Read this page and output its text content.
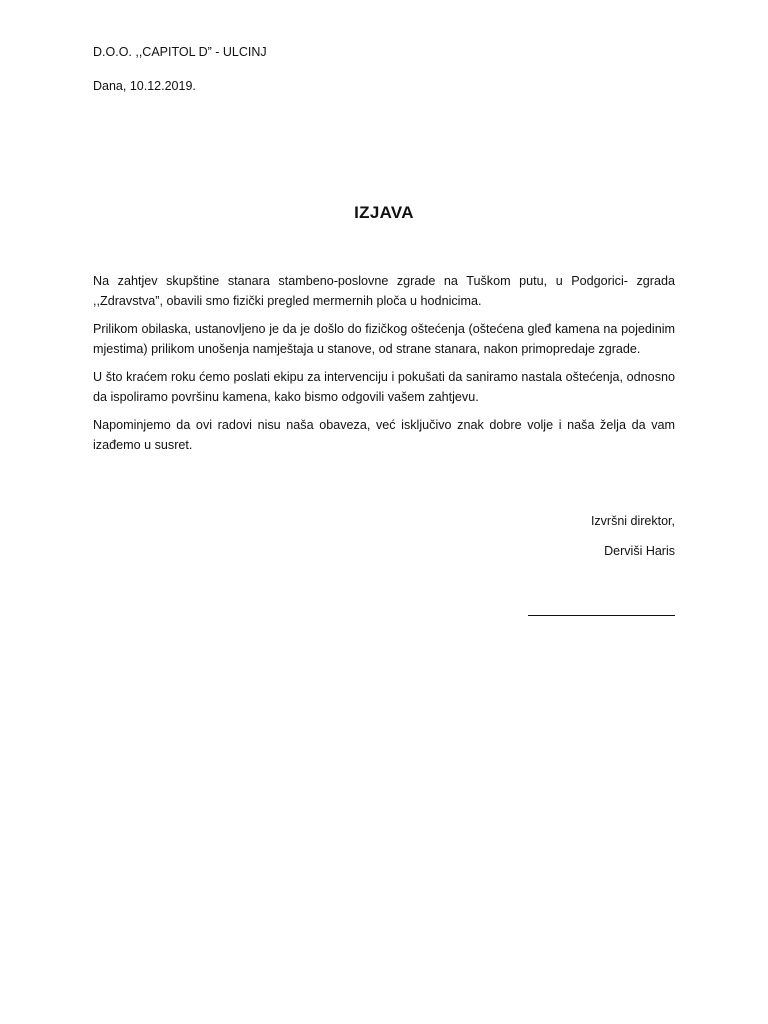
D.O.O. ,,CAPITOL D” - ULCINJ
Dana, 10.12.2019.
IZJAVA

Na zahtjev skupštine stanara stambeno-poslovne zgrade na Tuškom putu, u Podgorici- zgrada ,,Zdravstva”, obavili smo fizički pregled mermernih ploča u hodnicima.

Prilikom obilaska, ustanovljeno je da je došlo do fizičkog oštećenja (oštećena gleđ kamena na pojedinim mjestima) prilikom unošenja namještaja u stanove, od strane stanara, nakon primopredaje zgrade.

U što kraćem roku ćemo poslati ekipu za intervenciju i pokušati da saniramo nastala oštećenja, odnosno da ispoliramo površinu kamena, kako bismo odgovili vašem zahtjevu.

Napominjemo da ovi radovi nisu naša obaveza, već isključivo znak dobre volje i naša želja da vam izađemo u susret.

Izvršni direktor,
Derviši Haris
